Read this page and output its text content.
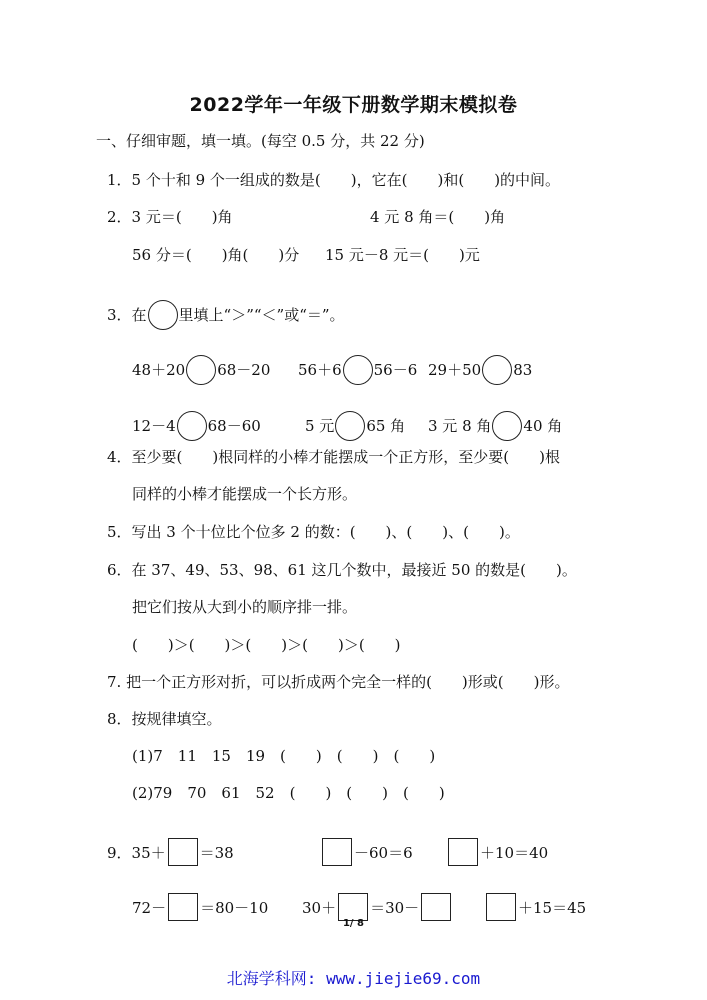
2022学年一年级下册数学期末模拟卷
一、仔细审题，填一填。(每空 0.5 分，共 22 分)
1．5 个十和 9 个一组成的数是(　　)，它在(　　)和(　　)的中间。
2．3 元＝(　　)角	4 元 8 角＝(　　)角
56 分＝(　　)角(　　)分 15 元－8 元＝(　　)元
3．在 里填上“＞”“＜”或“＝”。
48＋20 68－20 56＋6 56－6 29＋50 83
12－4 68－60	5 元 65 角 3 元 8 角 40 角
4．至少要(　　)根同样的小棒才能摆成一个正方形，至少要(　　)根
同样的小棒才能摆成一个长方形。
5．写出 3 个十位比个位多 2 的数：(　　)、(　　)、(　　)。
6．在 37、49、53、98、61 这几个数中，最接近 50 的数是(　　)。
把它们按从大到小的顺序排一排。
(　　)＞(　　)＞(　　)＞(　　)＞(　　)
7. 把一个正方形对折，可以折成两个完全一样的(　　)形或(　　)形。
8．按规律填空。
(1)7　11　15　19　(　　)　(　　)　(　　)
(2)79　70　61　52　(　　)　(　　)　(　　)
9．35＋ ＝38	－60＝6	＋10＝40
72－ ＝80－10 30＋ ＝30－	＋15＝45
1/ 8
北海学科网: www.jiejie69.com
